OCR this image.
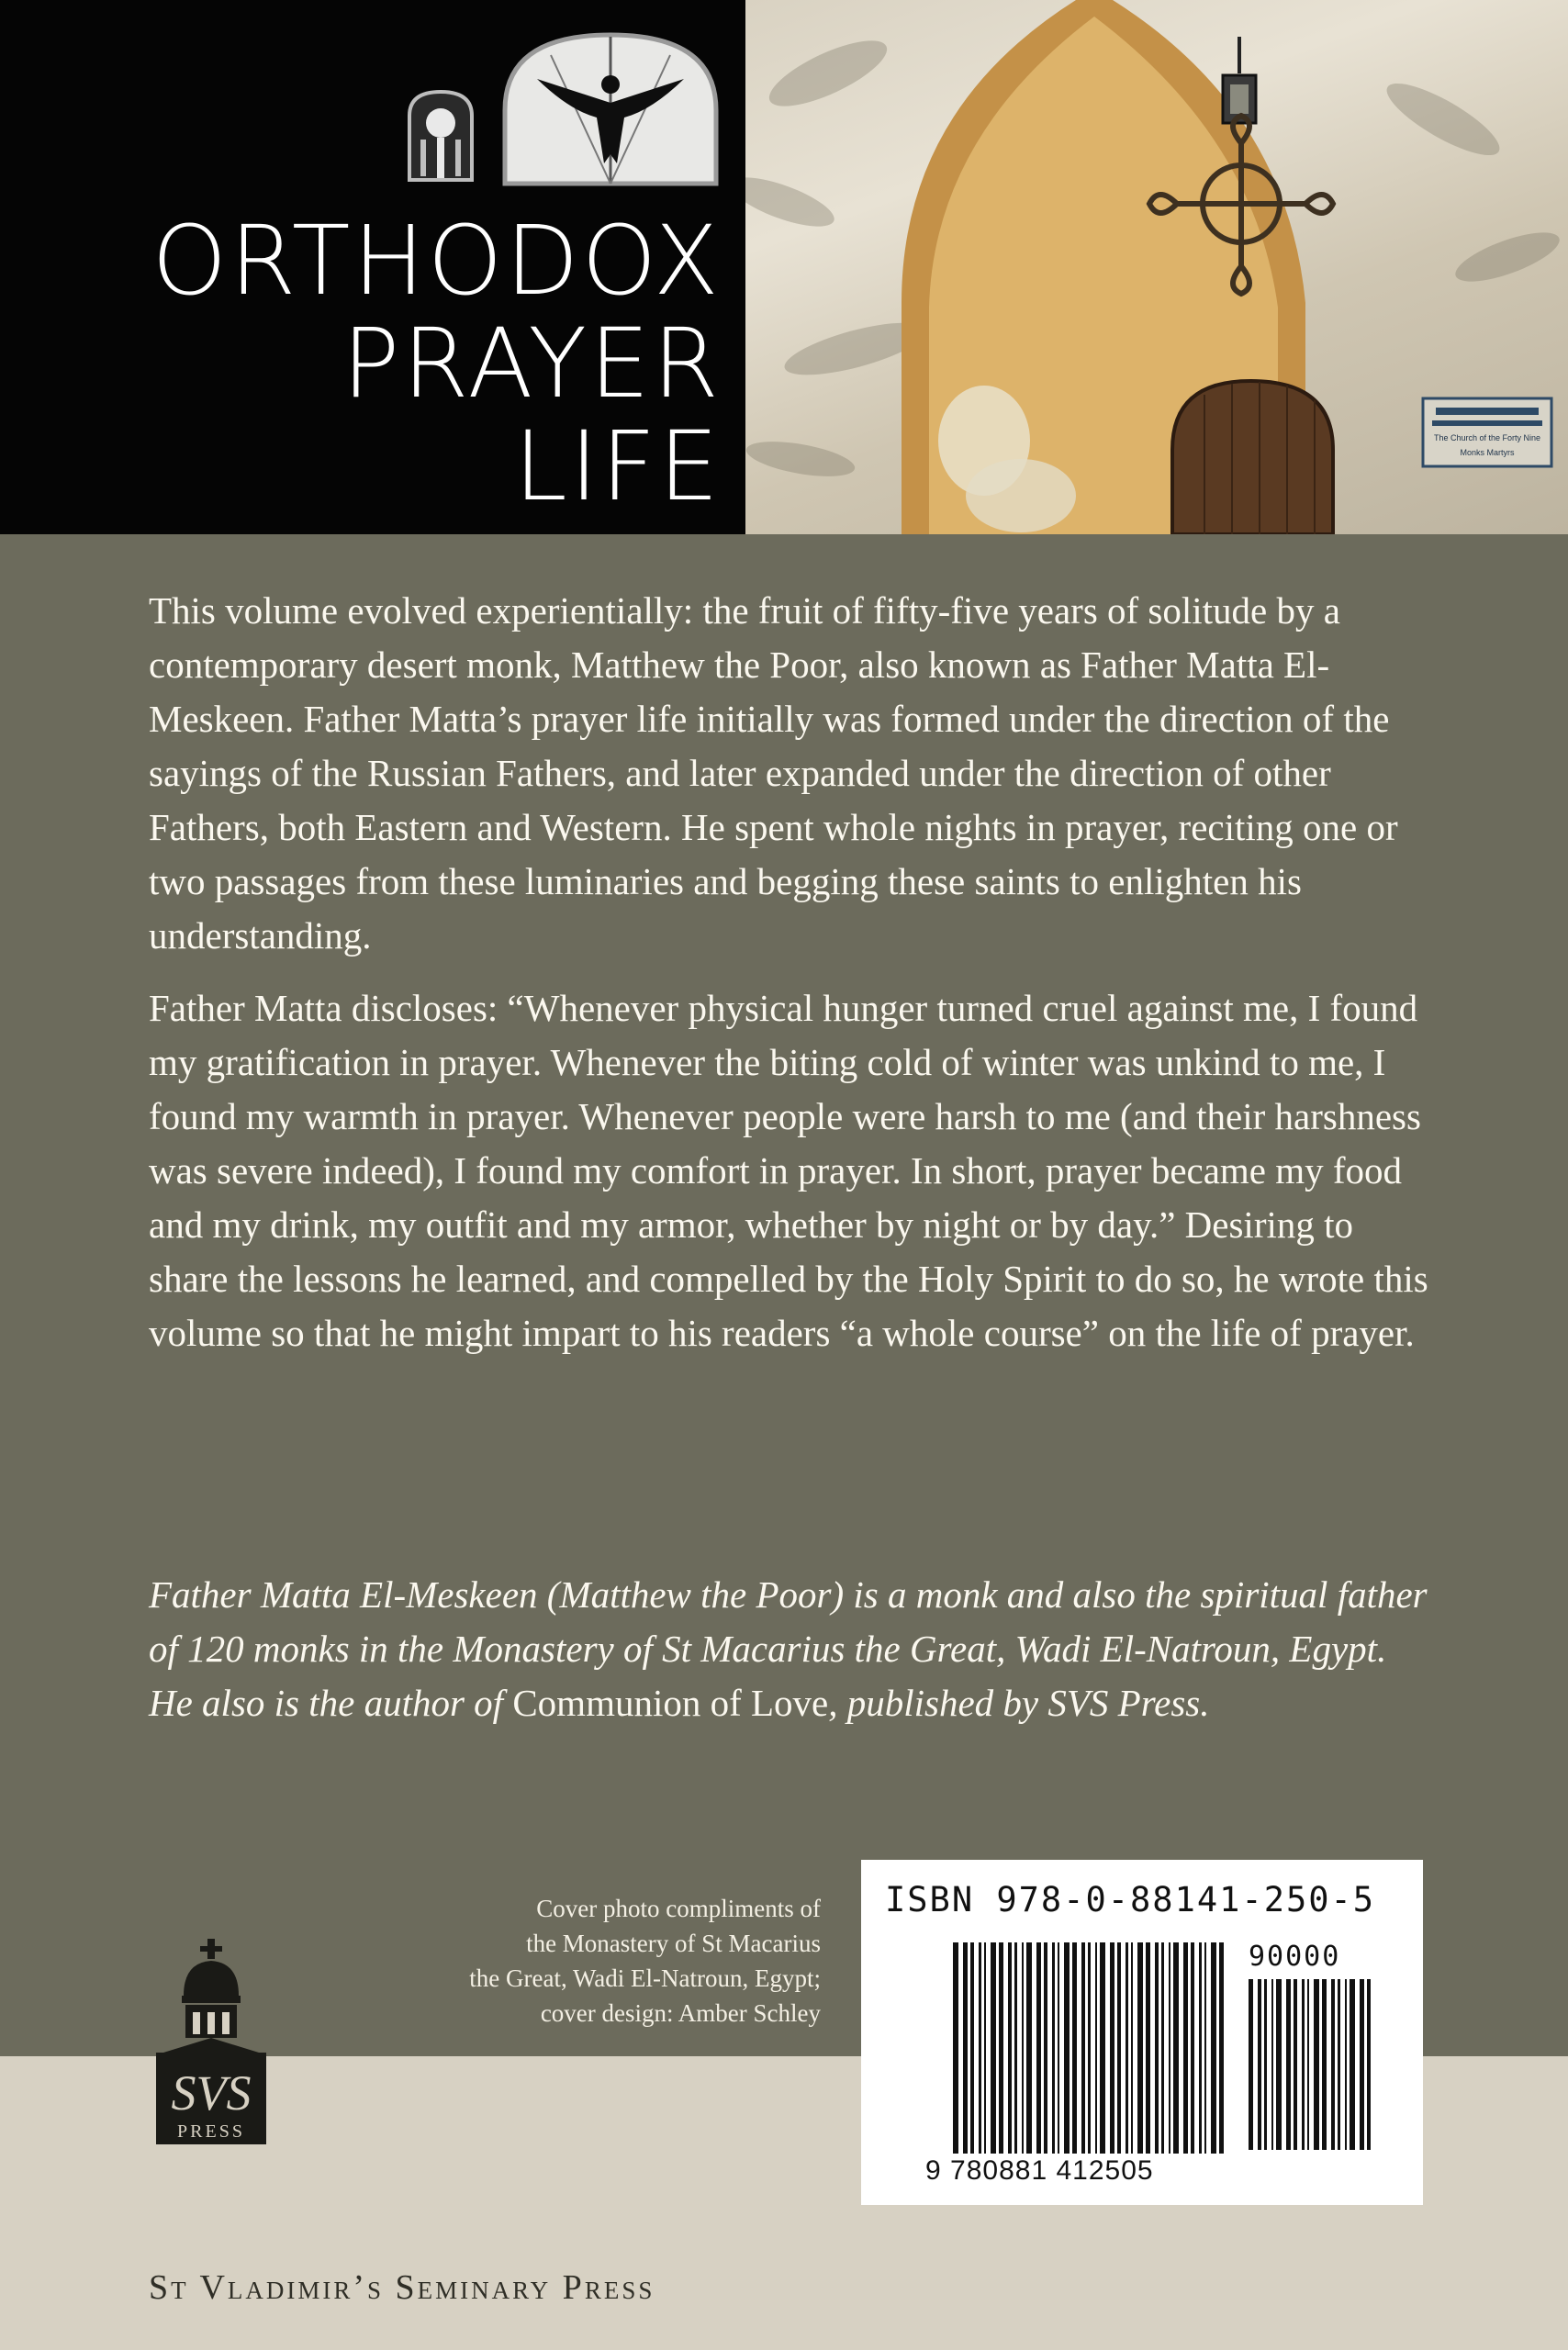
ORTHODOX
PRAYER
LIFE	The Church of the Forty Nine
Monks Martyrs

This volume evolved experientially: the fruit of fifty-five years of solitude by a contemporary desert monk, Matthew the Poor, also known as Father Matta El-Meskeen. Father Matta’s prayer life initially was formed under the direction of the sayings of the Russian Fathers, and later expanded under the direction of other Fathers, both Eastern and Western. He spent whole nights in prayer, reciting one or two passages from these luminaries and begging these saints to enlighten his understanding.

Father Matta discloses: “Whenever physical hunger turned cruel against me, I found my gratification in prayer. Whenever the biting cold of winter was unkind to me, I found my warmth in prayer. Whenever people were harsh to me (and their harshness was severe indeed), I found my comfort in prayer. In short, prayer became my food and my drink, my outfit and my armor, whether by night or by day.” Desiring to share the lessons he learned, and compelled by the Holy Spirit to do so, he wrote this volume so that he might impart to his readers “a whole course” on the life of prayer.

Father Matta El-Meskeen (Matthew the Poor) is a monk and also the spiritual father of 120 monks in the Monastery of St Macarius the Great, Wadi El-Natroun, Egypt. He also is the author of Communion of Love, published by SVS Press.
Cover photo compliments of
the Monastery of St Macarius
the Great, Wadi El-Natroun, Egypt;
cover design: Amber Schley
SVS
PRESS
St Vladimir’s Seminary Press
ISBN 978-0-88141-250-5
90000
9 780881 412505
